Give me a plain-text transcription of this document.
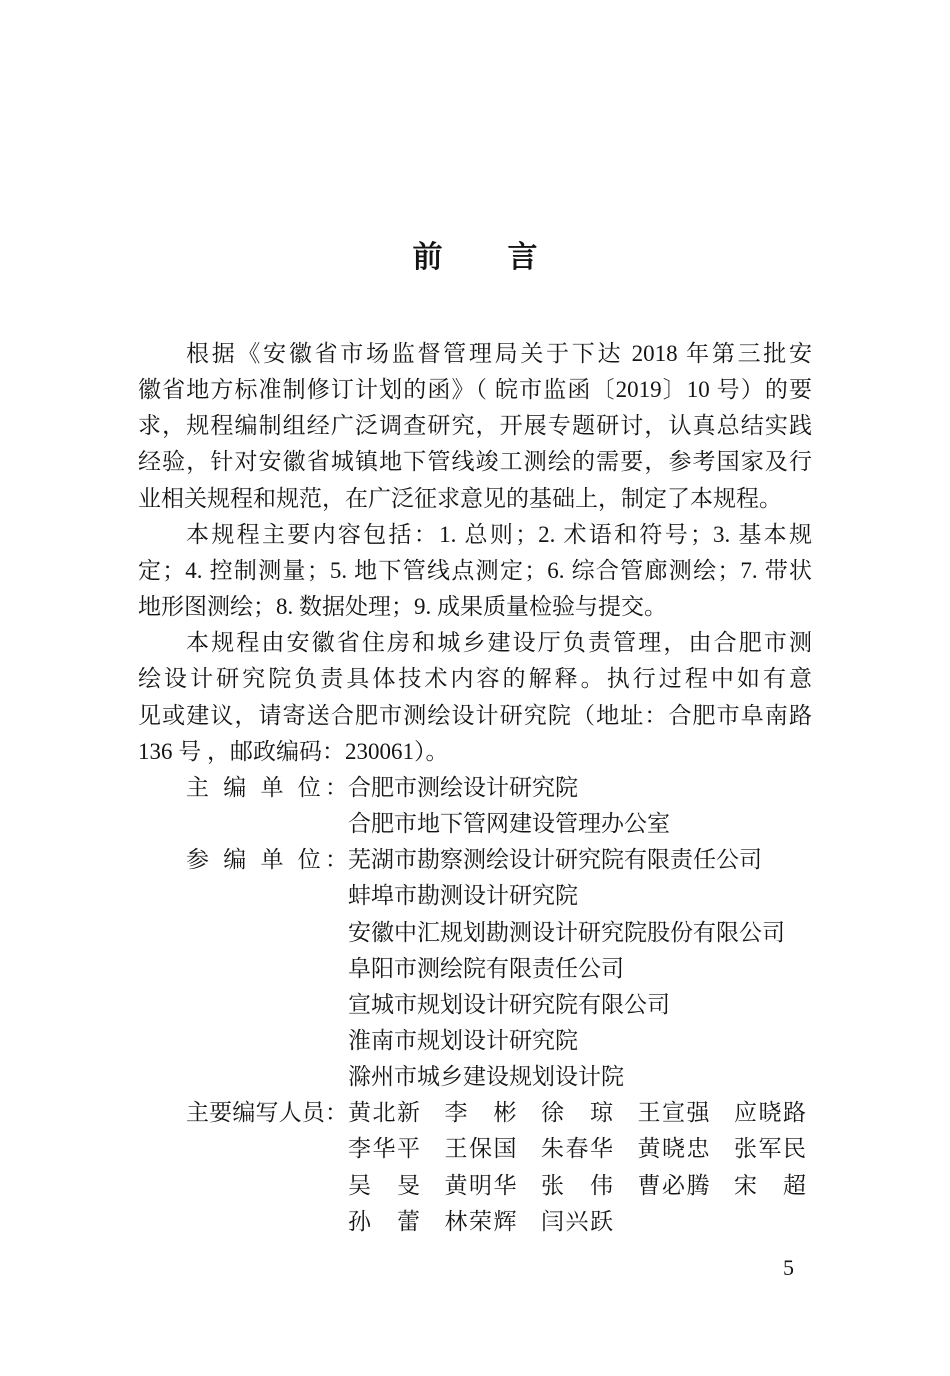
前言
根据《安徽省市场监督管理局关于下达 2018 年第三批安
徽省地方标准制修订计划的函》（ 皖市监函〔2019〕10 号）的要
求，规程编制组经广泛调查研究，开展专题研讨，认真总结实践
经验，针对安徽省城镇地下管线竣工测绘的需要，参考国家及行
业相关规程和规范，在广泛征求意见的基础上，制定了本规程。
本规程主要内容包括：1. 总则；2. 术语和符号；3. 基本规
定；4. 控制测量；5. 地下管线点测定；6. 综合管廊测绘；7. 带状
地形图测绘；8. 数据处理；9. 成果质量检验与提交。
本规程由安徽省住房和城乡建设厅负责管理，由合肥市测
绘设计研究院负责具体技术内容的解释。执行过程中如有意
见或建议，请寄送合肥市测绘设计研究院（地址：合肥市阜南路
136 号 ，邮政编码：230061）。
主 编 单 位： 合肥市测绘设计研究院
合肥市地下管网建设管理办公室
参 编 单 位： 芜湖市勘察测绘设计研究院有限责任公司
蚌埠市勘测设计研究院
安徽中汇规划勘测设计研究院股份有限公司
阜阳市测绘院有限责任公司
宣城市规划设计研究院有限公司
淮南市规划设计研究院
滁州市城乡建设规划设计院
主要编写人员： 黄北新 李 彬 徐 琼 王宣强 应晓路
李华平 王保国 朱春华 黄晓忠 张军民
吴 旻 黄明华 张 伟 曹必腾 宋 超
孙 蕾 林荣辉 闫兴跃
5
